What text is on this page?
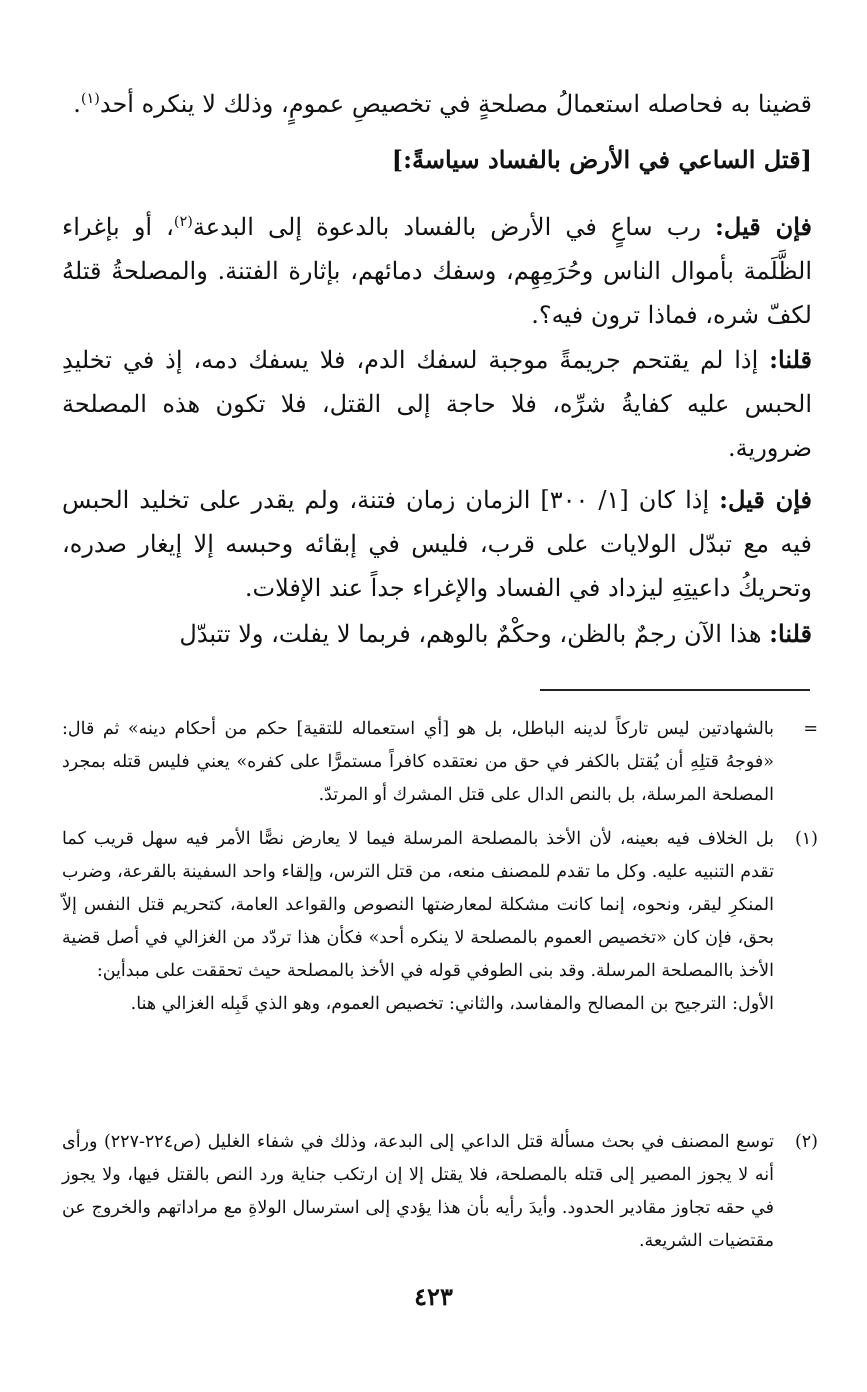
قضينا به فحاصله استعمالُ مصلحةٍ في تخصيصِ عمومٍ، وذلك لا ينكره أحد$^{(١)}$.
[قتل الساعي في الأرض بالفساد سياسةً:]
فإن قيل: رب ساعٍ في الأرض بالفساد بالدعوة إلى البدعة$^{(٢)}$، أو بإغراء الظَّلَمة بأموال الناس وحُرَمِهِم، وسفك دمائهم، بإثارة الفتنة. والمصلحةُ قتلهُ لكفّ شره، فماذا ترون فيه؟.
قلنا: إذا لم يقتحم جريمةً موجبة لسفك الدم، فلا يسفك دمه، إذ في تخليدِ الحبس عليه كفايةُ شرِّه، فلا حاجة إلى القتل، فلا تكون هذه المصلحة ضرورية.
فإن قيل: إذا كان [١/ ٣٠٠] الزمان زمان فتنة، ولم يقدر على تخليد الحبس فيه مع تبدّل الولايات على قرب، فليس في إبقائه وحبسه إلا إيغار صدره، وتحريكُ داعيتِهِ ليزداد في الفساد والإغراء جداً عند الإفلات.
قلنا: هذا الآن رجمٌ بالظن، وحكْمٌ بالوهم، فربما لا يفلت، ولا تتبدّل
=
بالشهادتين ليس تاركاً لدينه الباطل، بل هو [أي استعماله للتقية] حكم من أحكام دينه» ثم قال: «فوجهُ قتلِهِ أن يُقتل بالكفر في حق من نعتقده كافراً مستمرًّا على كفره» يعني فليس قتله بمجرد المصلحة المرسلة، بل بالنص الدال على قتل المشرك أو المرتدّ.
(١)
بل الخلاف فيه بعينه، لأن الأخذ بالمصلحة المرسلة فيما لا يعارض نصًّا الأمر فيه سهل قريب كما تقدم التنبيه عليه. وكل ما تقدم للمصنف منعه، من قتل الترس، وإلقاء واحد السفينة بالقرعة، وضرب المنكرِ ليقر، ونحوه، إنما كانت مشكلة لمعارضتها النصوص والقواعد العامة، كتحريم قتل النفس إلاّ بحق، فإن كان «تخصيص العموم بالمصلحة لا ينكره أحد» فكأن هذا تردّد من الغزالي في أصل قضية الأخذ باالمصلحة المرسلة. وقد بنى الطوفي قوله في الأخذ بالمصلحة حيث تحققت على مبدأين:
الأول: الترجيح بن المصالح والمفاسد، والثاني: تخصيص العموم، وهو الذي قَبِله الغزالي هنا.
(٢)
توسع المصنف في بحث مسألة قتل الداعي إلى البدعة، وذلك في شفاء الغليل (ص٢٢٤-٢٢٧) ورأى أنه لا يجوز المصير إلى قتله بالمصلحة، فلا يقتل إلا إن ارتكب جناية ورد النص بالقتل فيها، ولا يجوز في حقه تجاوز مقادير الحدود. وأيدَ رأيه بأن هذا يؤدي إلى استرسال الولاةِ مع مراداتهم والخروج عن مقتضيات الشريعة.
٤٢٣
